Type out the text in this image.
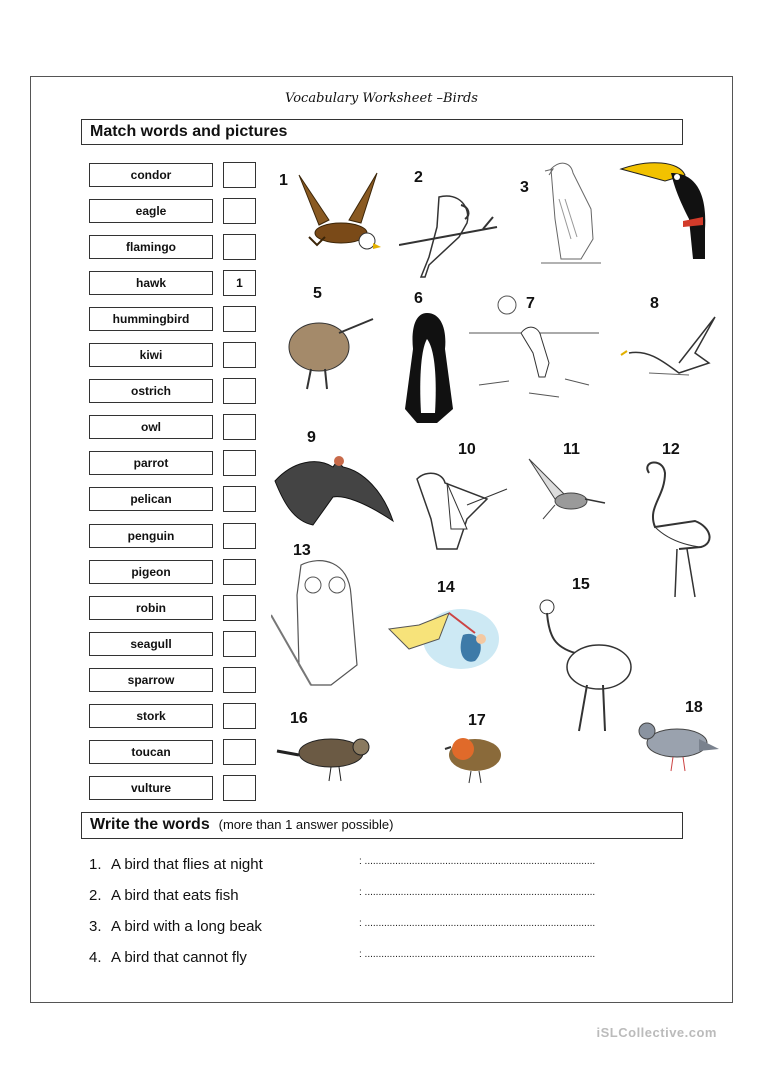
Vocabulary Worksheet –Birds
Match words and pictures
condor
eagle
flamingo
hawk	1
hummingbird
kiwi
ostrich
owl
parrot
pelican
penguin
pigeon
robin
seagull
sparrow
stork
toucan
vulture
1	2
3
5	6	7	8
9
10	11	12
13
14	15
16	17
18
Write the words (more than 1 answer possible)
1. A bird that flies at night	: ...................................................................................
2. A bird that eats fish	: ...................................................................................
3. A bird with a long beak	: ...................................................................................
4. A bird that cannot fly	: ...................................................................................
iSLCollective.com
